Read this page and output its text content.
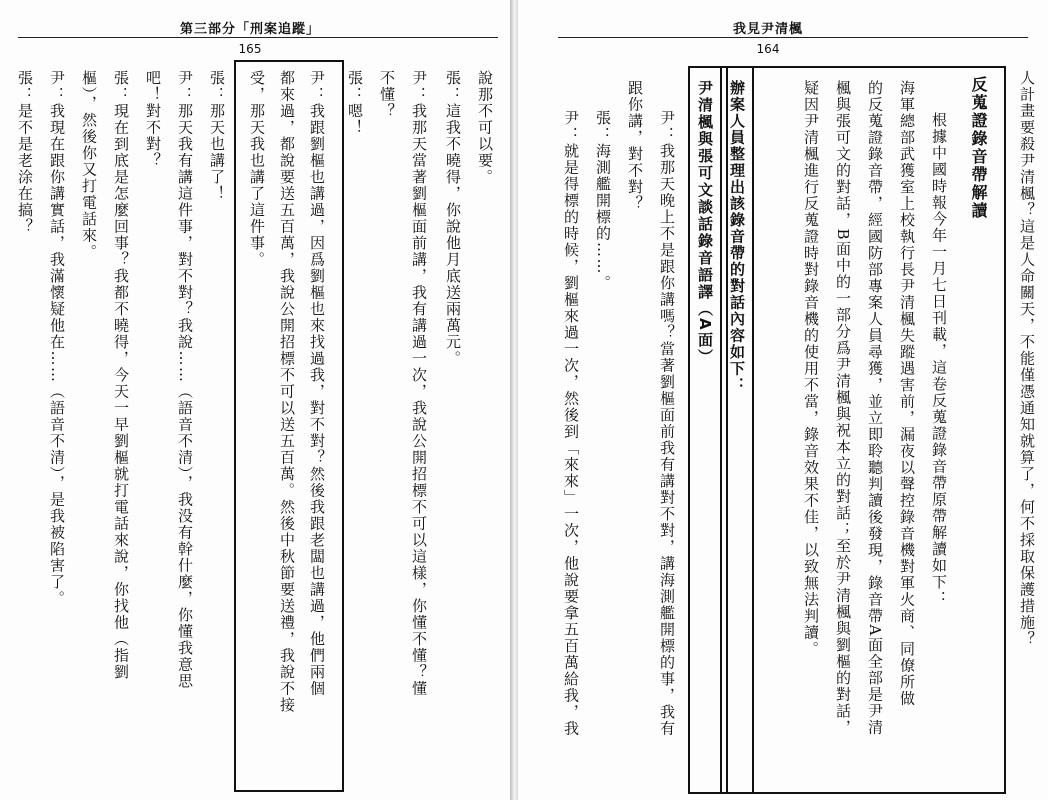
第三部分「刑案追蹤」
165
說那不可以要。
張：這我不曉得，你說他月底送兩萬元。
尹：我那天當著劉樞面前講，我有講過一次，我說公開招標不可以這樣，你懂不懂？懂
不懂？
張：嗯！
尹：我跟劉樞也講過，因爲劉樞也來找過我，對不對？然後我跟老闆也講過，他們兩個
都來過，都說要送五百萬，我說公開招標不可以送五百萬。然後中秋節要送禮，我說不接
受，那天我也講了這件事。
張：那天也講了！
尹：那天我有講這件事，對不對？我說……（語音不清），我没有幹什麼，你懂我意思
吧！對不對？
張：現在到底是怎麼回事？我都不曉得，今天一早劉樞就打電話來說，你找他（指劉
樞），然後你又打電話來。
尹：我現在跟你講實話，我滿懷疑他在……（語音不清），是我被陷害了。
張：是不是老涂在搞？
我見尹清楓
164
人計畫要殺尹清楓？這是人命關天，不能僅憑通知就算了，何不採取保護措施？
反蒐證錄音帶解讀
根據中國時報今年一月七日刊載，這卷反蒐證錄音帶原帶解讀如下：
海軍總部武獲室上校執行長尹清楓失蹤遇害前，漏夜以聲控錄音機對軍火商、同僚所做
的反蒐證錄音帶，經國防部專案人員尋獲，並立即聆聽判讀後發現，錄音帶A面全部是尹清
楓與張可文的對話，B面中的一部分爲尹清楓與祝本立的對話；至於尹清楓與劉樞的對話，
疑因尹清楓進行反蒐證時對錄音機的使用不當，錄音效果不佳，以致無法判讀。
辦案人員整理出該錄音帶的對話內容如下：
尹清楓與張可文談話錄音語譯（A面）
尹：我那天晚上不是跟你講嗎？當著劉樞面前我有講對不對，講海測艦開標的事，我有
跟你講，對不對？
張：海測艦開標的……。
尹：就是得標的時候，劉樞來過一次，然後到「來來」一次，他說要拿五百萬給我，我
